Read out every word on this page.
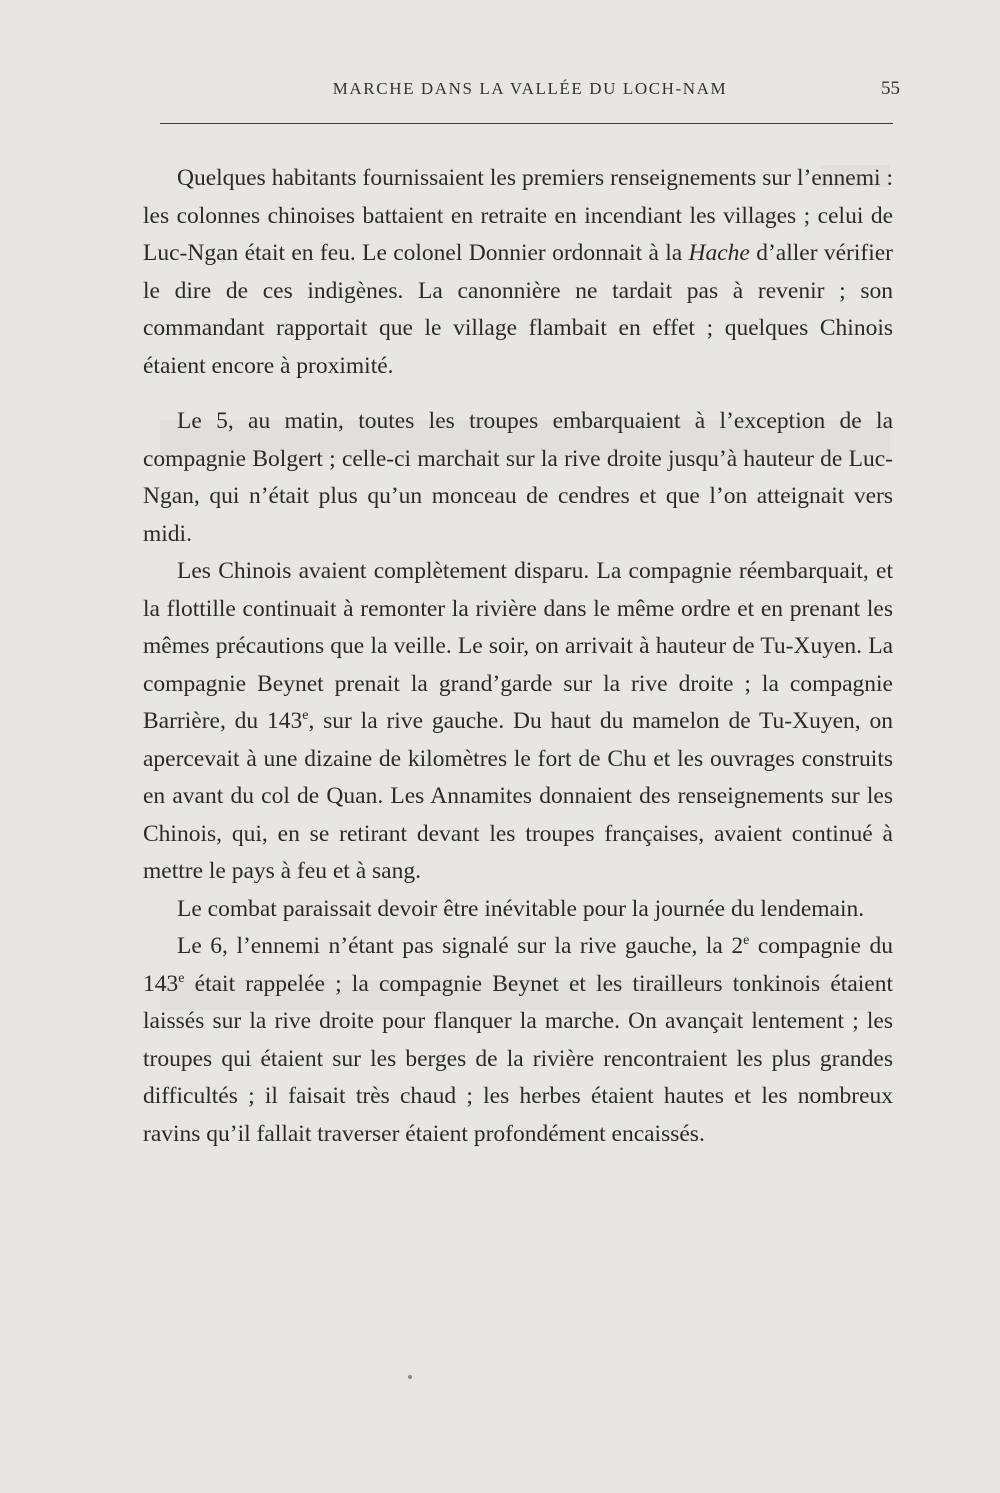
MARCHE DANS LA VALLÉE DU LOCH-NAM	55

Quelques habitants fournissaient les premiers renseignements sur l’ennemi : les colonnes chinoises battaient en retraite en incendiant les villages ; celui de Luc-Ngan était en feu. Le colonel Donnier ordonnait à la Hache d’aller vérifier le dire de ces indigènes. La canonnière ne tardait pas à revenir ; son commandant rapportait que le village flambait en effet ; quelques Chinois étaient encore à proximité.

Le 5, au matin, toutes les troupes embarquaient à l’exception de la compagnie Bolgert ; celle-ci marchait sur la rive droite jusqu’à hauteur de Luc-Ngan, qui n’était plus qu’un monceau de cendres et que l’on atteignait vers midi.

Les Chinois avaient complètement disparu. La compagnie réembarquait, et la flottille continuait à remonter la rivière dans le même ordre et en prenant les mêmes précautions que la veille. Le soir, on arrivait à hauteur de Tu-Xuyen. La compagnie Beynet prenait la grand’garde sur la rive droite ; la compagnie Barrière, du 143e, sur la rive gauche. Du haut du mamelon de Tu-Xuyen, on apercevait à une dizaine de kilomètres le fort de Chu et les ouvrages construits en avant du col de Quan. Les Annamites donnaient des renseignements sur les Chinois, qui, en se retirant devant les troupes françaises, avaient continué à mettre le pays à feu et à sang.

Le combat paraissait devoir être inévitable pour la journée du lendemain.

Le 6, l’ennemi n’étant pas signalé sur la rive gauche, la 2e compagnie du 143e était rappelée ; la compagnie Beynet et les tirailleurs tonkinois étaient laissés sur la rive droite pour flanquer la marche. On avançait lentement ; les troupes qui étaient sur les berges de la rivière rencontraient les plus grandes difficultés ; il faisait très chaud ; les herbes étaient hautes et les nombreux ravins qu’il fallait traverser étaient profondément encaissés.
